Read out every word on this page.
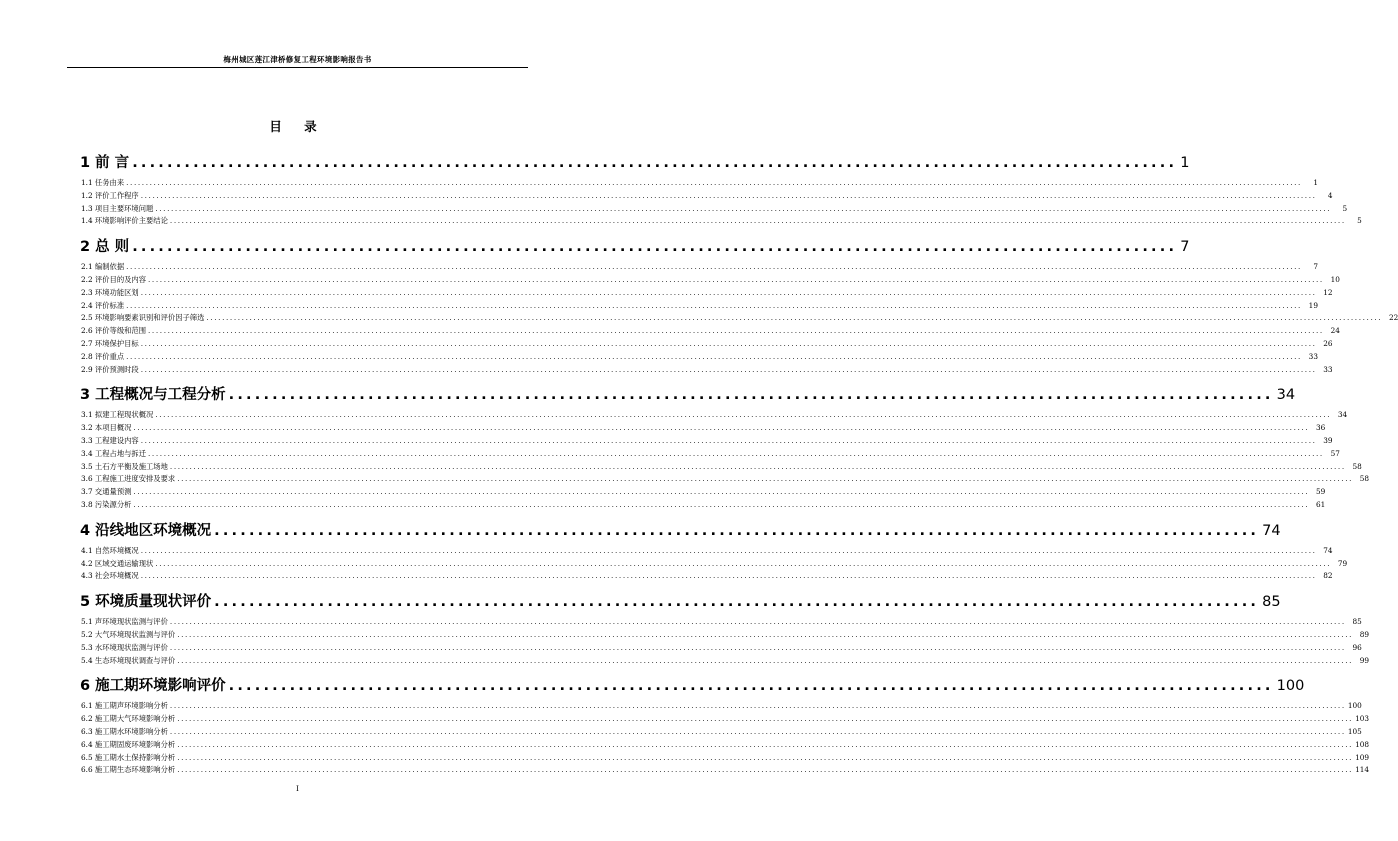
梅州城区莲江津桥修复工程环境影响报告书
目 录
1 前 言 ........................................................................................................................ 1
1.1 任务由来 ............................................................................................................................................................................................................................................................................................................	1
1.2 评价工作程序 ............................................................................................................................................................................................................................................................................................................	4
1.3 项目主要环境问题 ............................................................................................................................................................................................................................................................................................................	5
1.4 环境影响评价主要结论 ............................................................................................................................................................................................................................................................................................................	5
2 总 则 ........................................................................................................................ 7
2.1 编制依据 ............................................................................................................................................................................................................................................................................................................	7
2.2 评价目的及内容 ............................................................................................................................................................................................................................................................................................................ 10
2.3 环境功能区划 ............................................................................................................................................................................................................................................................................................................ 12
2.4 评价标准 ............................................................................................................................................................................................................................................................................................................ 19
2.5 环境影响要素识别和评价因子筛选 ............................................................................................................................................................................................................................................................................................................ 22
2.6 评价等级和范围 ............................................................................................................................................................................................................................................................................................................ 24
2.7 环境保护目标 ............................................................................................................................................................................................................................................................................................................ 26
2.8 评价重点 ............................................................................................................................................................................................................................................................................................................ 33
2.9 评价预测时段 ............................................................................................................................................................................................................................................................................................................ 33
3 工程概况与工程分析 ........................................................................................................................ 34
3.1 拟建工程现状概况 ............................................................................................................................................................................................................................................................................................................ 34
3.2 本项目概况 ............................................................................................................................................................................................................................................................................................................ 36
3.3 工程建设内容 ............................................................................................................................................................................................................................................................................................................ 39
3.4 工程占地与拆迁 ............................................................................................................................................................................................................................................................................................................ 57
3.5 土石方平衡及施工场地 ............................................................................................................................................................................................................................................................................................................ 58
3.6 工程施工进度安排及要求 ............................................................................................................................................................................................................................................................................................................ 58
3.7 交通量预测 ............................................................................................................................................................................................................................................................................................................ 59
3.8 污染源分析 ............................................................................................................................................................................................................................................................................................................ 61
4 沿线地区环境概况 ........................................................................................................................ 74
4.1 自然环境概况 ............................................................................................................................................................................................................................................................................................................ 74
4.2 区域交通运输现状 ............................................................................................................................................................................................................................................................................................................ 79
4.3 社会环境概况 ............................................................................................................................................................................................................................................................................................................ 82
5 环境质量现状评价 ........................................................................................................................ 85
5.1 声环境现状监测与评价 ............................................................................................................................................................................................................................................................................................................ 85
5.2 大气环境现状监测与评价 ............................................................................................................................................................................................................................................................................................................ 89
5.3 水环境现状监测与评价 ............................................................................................................................................................................................................................................................................................................ 96
5.4 生态环境现状调查与评价 ............................................................................................................................................................................................................................................................................................................ 99
6 施工期环境影响评价 ........................................................................................................................ 100
6.1 施工期声环境影响分析 ............................................................................................................................................................................................................................................................................................................ 100
6.2 施工期大气环境影响分析 ............................................................................................................................................................................................................................................................................................................ 103
6.3 施工期水环境影响分析 ............................................................................................................................................................................................................................................................................................................ 105
6.4 施工期固废环境影响分析 ............................................................................................................................................................................................................................................................................................................ 108
6.5 施工期水土保持影响分析 ............................................................................................................................................................................................................................................................................................................ 109
6.6 施工期生态环境影响分析 ............................................................................................................................................................................................................................................................................................................ 114
I
